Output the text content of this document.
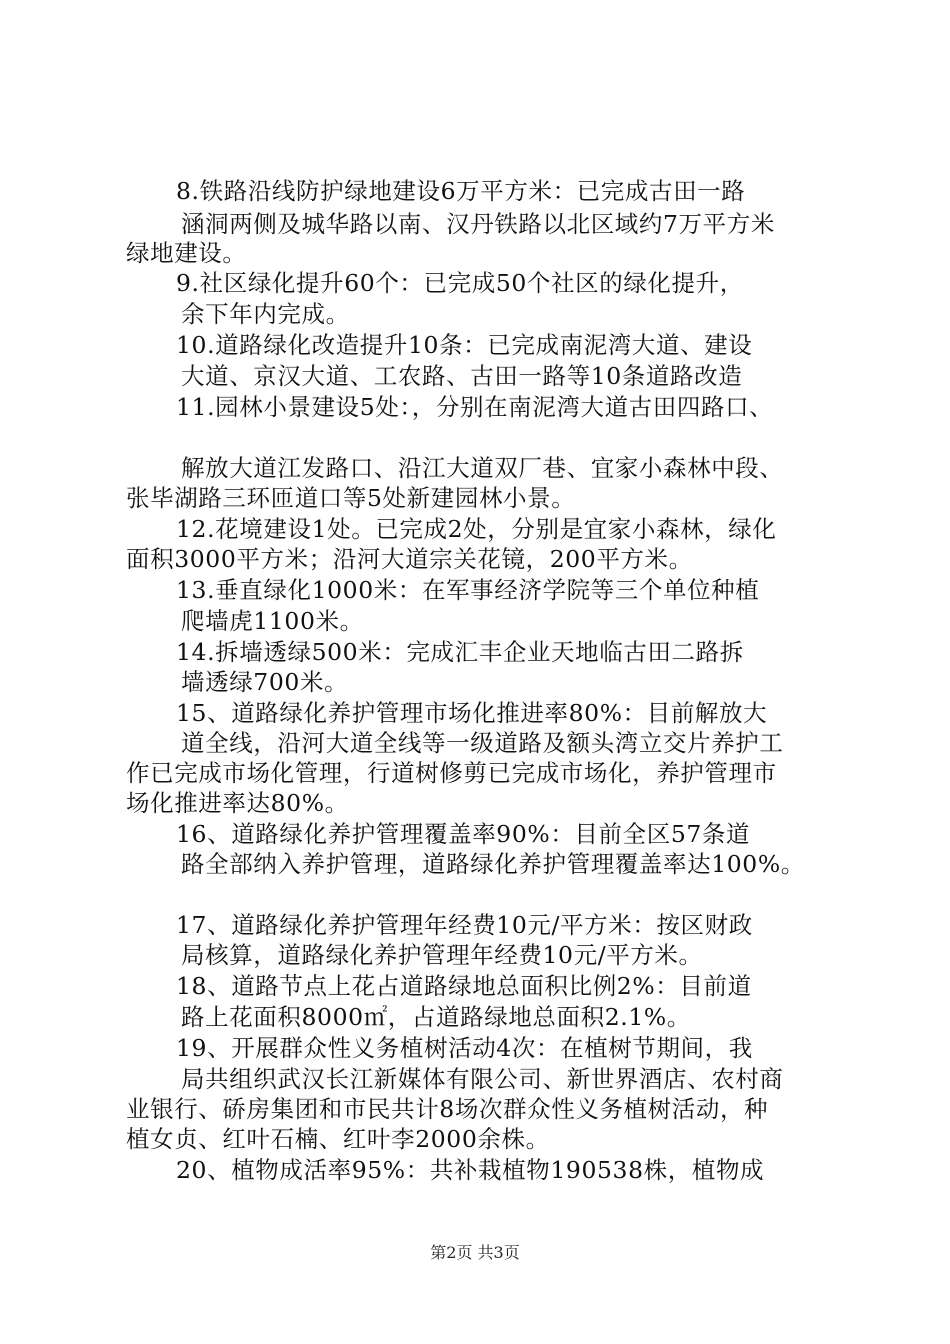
8.铁路沿线防护绿地建设6万平方米：已完成古田一路
涵洞两侧及城华路以南、汉丹铁路以北区域约7万平方米
绿地建设。
9.社区绿化提升60个：已完成50个社区的绿化提升，
余下年内完成。
10.道路绿化改造提升10条：已完成南泥湾大道、建设
大道、京汉大道、工农路、古田一路等10条道路改造
11.园林小景建设5处：，分别在南泥湾大道古田四路口、
解放大道江发路口、沿江大道双厂巷、宜家小森林中段、
张毕湖路三环匝道口等5处新建园林小景。
12.花境建设1处。已完成2处，分别是宜家小森林，绿化
面积3000平方米；沿河大道宗关花镜，200平方米。
13.垂直绿化1000米：在军事经济学院等三个单位种植
爬墙虎1100米。
14.拆墙透绿500米：完成汇丰企业天地临古田二路拆
墙透绿700米。
15、道路绿化养护管理市场化推进率80%：目前解放大
道全线，沿河大道全线等一级道路及额头湾立交片养护工
作已完成市场化管理，行道树修剪已完成市场化，养护管理市
场化推进率达80%。
16、道路绿化养护管理覆盖率90%：目前全区57条道
路全部纳入养护管理，道路绿化养护管理覆盖率达100%。
17、道路绿化养护管理年经费10元/平方米：按区财政
局核算，道路绿化养护管理年经费10元/平方米。
18、道路节点上花占道路绿地总面积比例2%：目前道
路上花面积8000㎡，占道路绿地总面积2.1%。
19、开展群众性义务植树活动4次：在植树节期间，我
局共组织武汉长江新媒体有限公司、新世界酒店、农村商
业银行、硚房集团和市民共计8场次群众性义务植树活动，种
植女贞、红叶石楠、红叶李2000余株。
20、植物成活率95%：共补栽植物190538株，植物成
第2页 共3页
